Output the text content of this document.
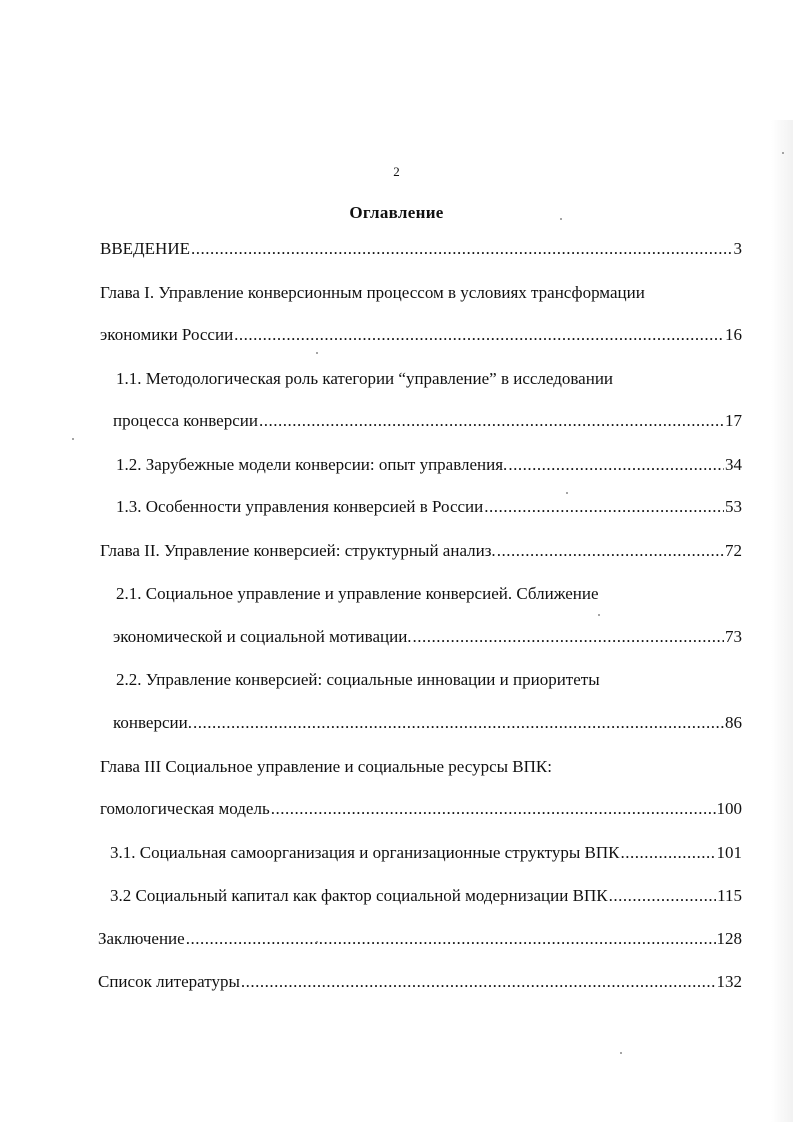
2
Оглавление
ВВЕДЕНИЕ .....	3
Глава I. Управление конверсионным процессом в условиях трансформации
экономики России .....	16
1.1. Методологическая роль категории “управление” в исследовании
процесса конверсии .....	17
1.2. Зарубежные модели конверсии: опыт управления. .....	34
1.3. Особенности управления конверсией в России .....	53
Глава II. Управление конверсией: структурный анализ. .....	72
2.1. Социальное управление и управление конверсией. Сближение
экономической и социальной мотивации. .....	73
2.2. Управление конверсией: социальные инновации и приоритеты
конверсии. .....	86
Глава III Социальное управление и социальные ресурсы ВПК:
гомологическая модель .....	100
3.1. Социальная самоорганизация и организационные структуры ВПК .....	101
3.2 Социальный капитал как фактор социальной модернизации ВПК .....	115
Заключение .....	128
Список литературы .....	132
